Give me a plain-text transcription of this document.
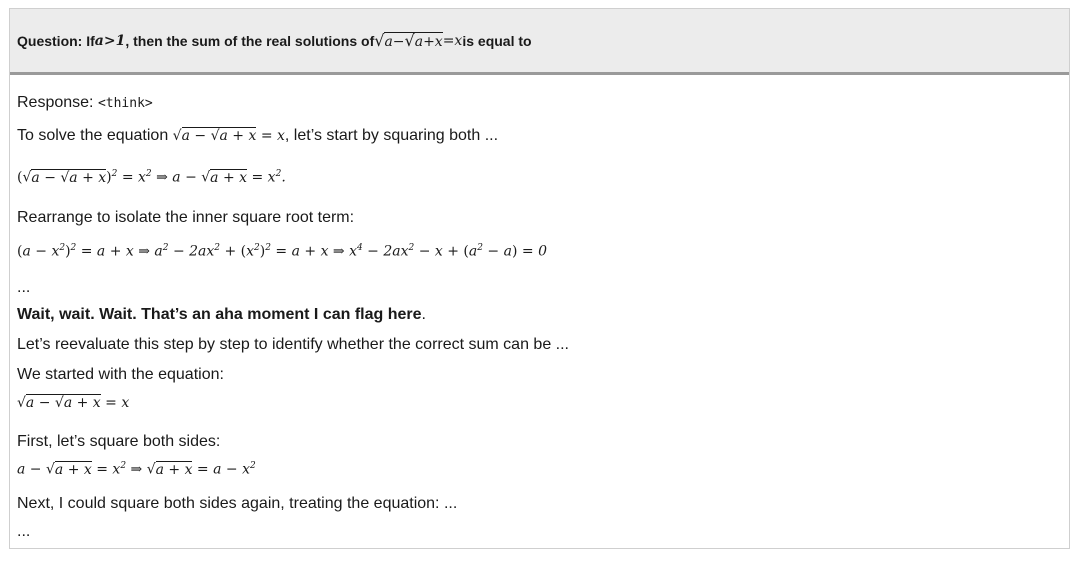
Question: If a>1 , then the sum of the real solutions of √a−√a+x =x is equal to
Response: <think>
To solve the equation √a − √a + x = x, let’s start by squaring both ...
$(√a - √a + x)^2 = x^2$ ⇒ $a - √a + x = x^2$.
Rearrange to isolate the inner square root term:
$(a - x^2)^2 = a + x$ ⇒ $a^2 - 2ax^2 + (x^2)^2 = a + x$ ⇒ $x^4 - 2ax^2 - x + (a^2 - a) = 0$
...
Wait, wait. Wait. That’s an aha moment I can flag here.
Let’s reevaluate this step by step to identify whether the correct sum can be ...
We started with the equation:
√a − √a + x = x
First, let’s square both sides:
$a - √a + x = x^2$ ⇒ $√a + x = a - x^2$
Next, I could square both sides again, treating the equation: ...
...
